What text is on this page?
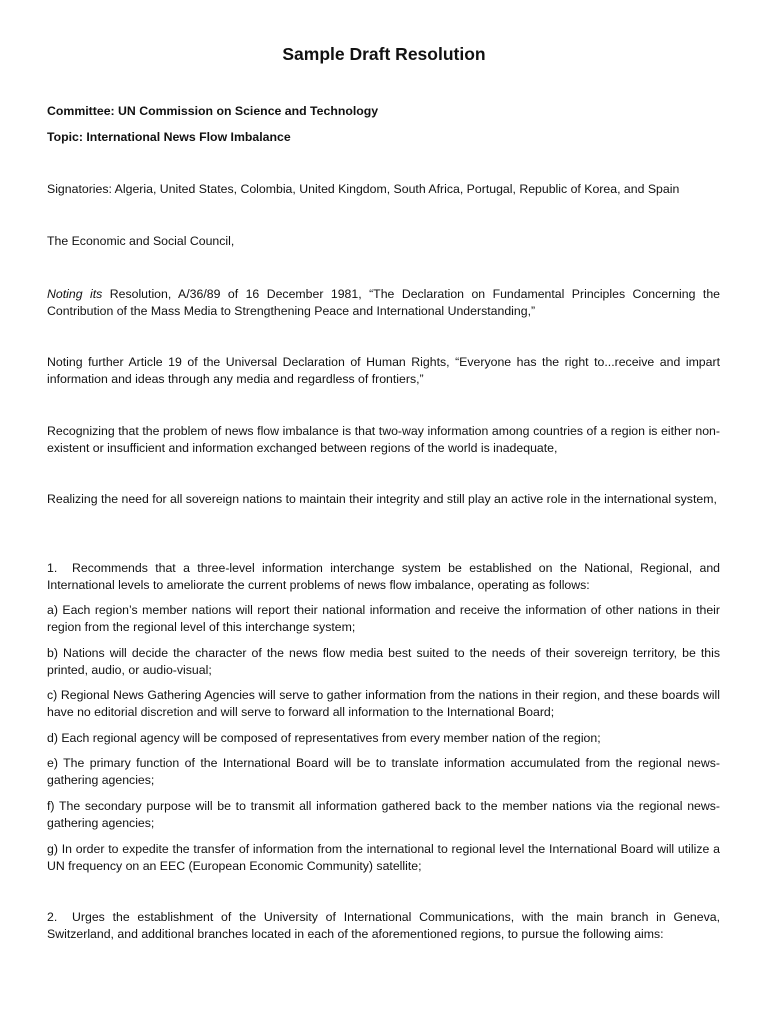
Sample Draft Resolution
Committee: UN Commission on Science and Technology
Topic: International News Flow Imbalance
Signatories: Algeria, United States, Colombia, United Kingdom, South Africa, Portugal, Republic of Korea, and Spain
The Economic and Social Council,
Noting its Resolution, A/36/89 of 16 December 1981, “The Declaration on Fundamental Principles Concerning the Contribution of the Mass Media to Strengthening Peace and International Understanding,”
Noting further Article 19 of the Universal Declaration of Human Rights, “Everyone has the right to...receive and impart information and ideas through any media and regardless of frontiers,”
Recognizing that the problem of news flow imbalance is that two-way information among countries of a region is either non-existent or insufficient and information exchanged between regions of the world is inadequate,
Realizing the need for all sovereign nations to maintain their integrity and still play an active role in the international system,
1. Recommends that a three-level information interchange system be established on the National, Regional, and International levels to ameliorate the current problems of news flow imbalance, operating as follows:
a) Each region’s member nations will report their national information and receive the information of other nations in their region from the regional level of this interchange system;
b) Nations will decide the character of the news flow media best suited to the needs of their sovereign territory, be this printed, audio, or audio-visual;
c) Regional News Gathering Agencies will serve to gather information from the nations in their region, and these boards will have no editorial discretion and will serve to forward all information to the International Board;
d) Each regional agency will be composed of representatives from every member nation of the region;
e) The primary function of the International Board will be to translate information accumulated from the regional news-gathering agencies;
f) The secondary purpose will be to transmit all information gathered back to the member nations via the regional news-gathering agencies;
g) In order to expedite the transfer of information from the international to regional level the International Board will utilize a UN frequency on an EEC (European Economic Community) satellite;
2. Urges the establishment of the University of International Communications, with the main branch in Geneva, Switzerland, and additional branches located in each of the aforementioned regions, to pursue the following aims:
